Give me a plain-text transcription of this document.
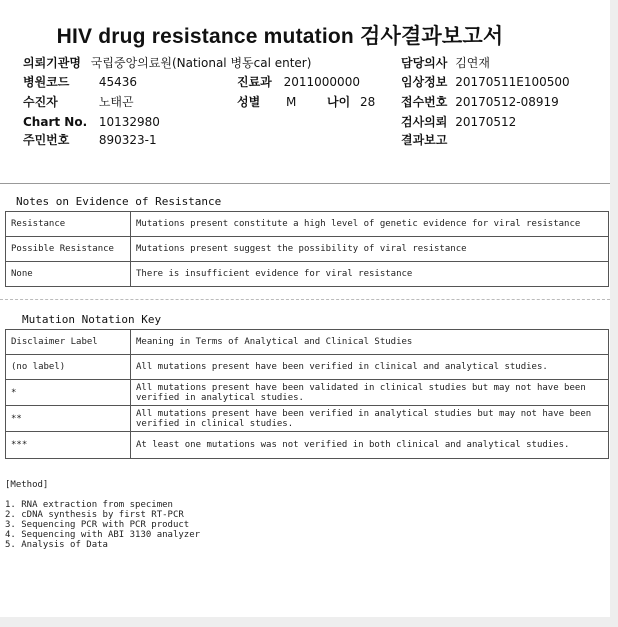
HIV drug resistance mutation 검사결과보고서
의뢰기관명 국립중앙의료원(National 병동cal enter)	담당의사 김연재
병원코드 45436	진료과 2011000000	임상정보 20170511E100500
수진자	노태곤	성별 M	나이 28 접수번호 20170512-08919
Chart No. 10132980	검사의뢰 20170512
주민번호 890323-1	결과보고
Notes on Evidence of Resistance
Resistance	Mutations present constitute a high level of genetic evidence for viral resistance
Possible Resistance	Mutations present suggest the possibility of viral resistance
None	There is insufficient evidence for viral resistance
Mutation Notation Key
Disclaimer Label	Meaning in Terms of Analytical and Clinical Studies
(no label)	All mutations present have been verified in clinical and analytical studies.
*	All mutations present have been validated in clinical studies but may not have been verified in analytical studies.
**	All mutations present have been verified in analytical studies but may not have been verified in clinical studies.
***	At least one mutations was not verified in both clinical and analytical studies.
[Method]
1. RNA extraction from specimen
2. cDNA synthesis by first RT-PCR
3. Sequencing PCR with PCR product
4. Sequencing with ABI 3130 analyzer
5. Analysis of Data
